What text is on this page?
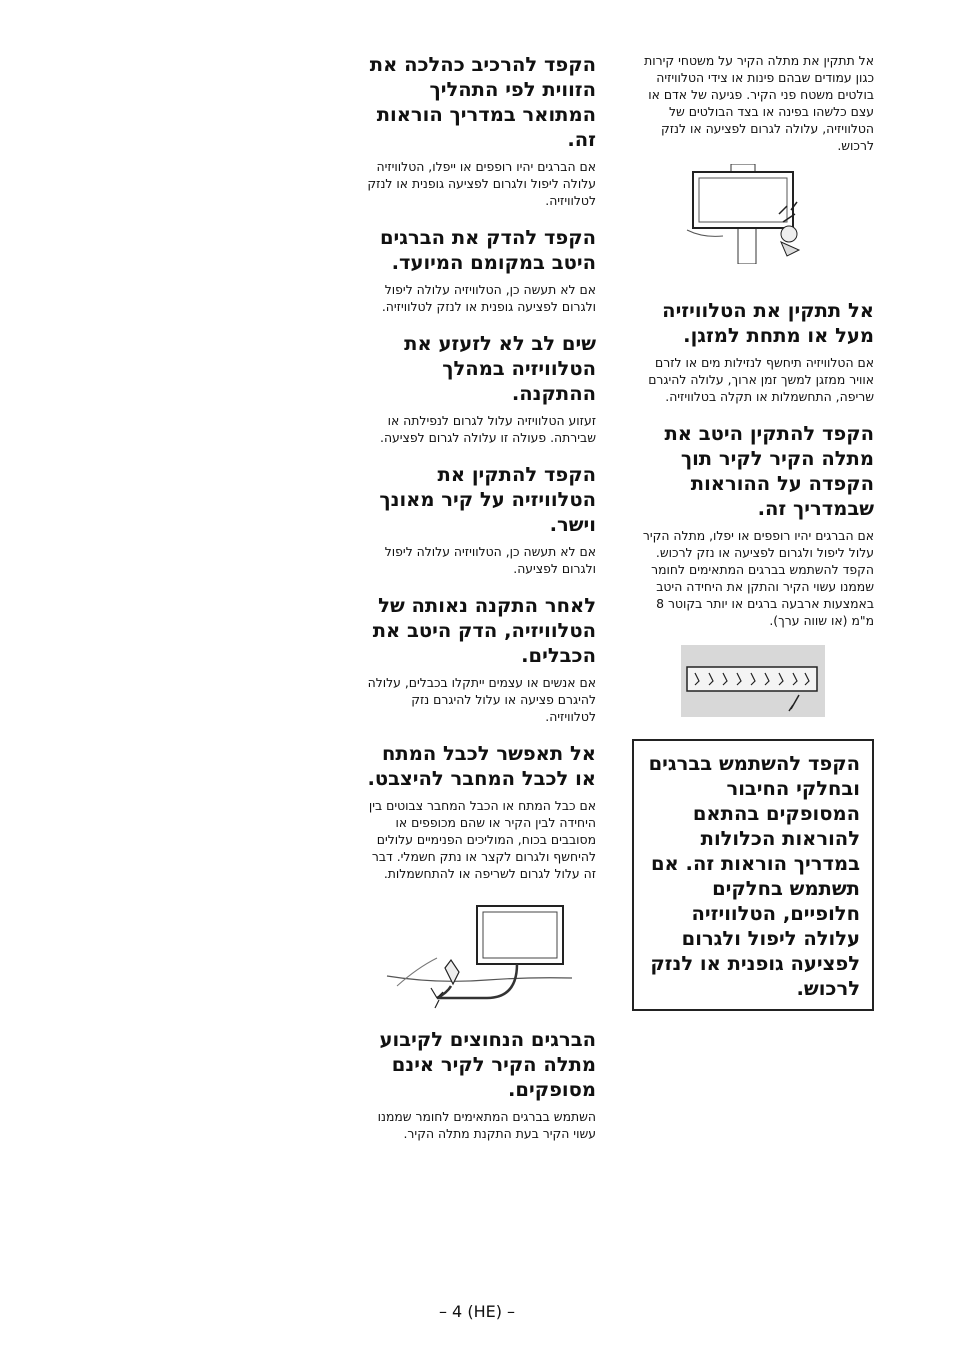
הקפד להרכיב כהלכה את הזווית לפי התהליך המתואר במדריך הוראות זה.

אם הברגים יהיו רופפים או ייפלו, הטלוויזיה עלולה ליפול ולגרום לפציעה גופנית או לנזק לטלוויזיה.

הקפד להדק את הברגים היטב במקומם המיועד.

אם לא תעשה כן, הטלוויזיה עלולה ליפול ולגרום לפציעה גופנית או לנזק לטלוויזיה.

שים לב לא לזעזע את הטלוויזיה במהלך ההתקנה.

זעזוע הטלוויזיה עלול לגרום לנפילתה או שבירתה. פעולה זו עלולה לגרום לפציעה.

הקפד להתקין את הטלוויזיה על קיר מאונך וישר.

אם לא תעשה כן, הטלוויזיה עלולה ליפול ולגרום לפציעה.

לאחר התקנה נאותה של הטלוויזיה, הדק היטב את הכבלים.

אם אנשים או עצמים ייתקלו בכבלים, עלולה להיגרם פציעה או עלול להיגרם נזק לטלוויזיה.

אל תאפשר לכבל המתח או לכבל המחבר להיצבט.

אם כבל המתח או הכבל המחבר צבוטים בין היחידה לבין הקיר או שהם מכופפים או מסובבים בכוח, המוליכים הפנימיים עלולים להיחשף ולגרום לקצר או נתק חשמלי. דבר זה עלול לגרום לשריפה או להתחשמלות.

הברגים הנחוצים לקיבוע מתלה הקיר לקיר אינם מסופקים.

השתמש בברגים המתאימים לחומר שממנו עשוי הקיר בעת התקנת מתלה הקיר.

אל תתקין את מתלה הקיר על משטחי קירות כגון עמודים שבהם פינות או צידי הטלוויזיה בולטים משטח פני הקיר. פגיעה של אדם או עצם כלשהו בפינה או בצד הבולטים של הטלוויזיה, עלולה לגרום לפציעה או לנזק לרכוש.

אל תתקין את הטלוויזיה מעל או מתחת למזגן.

אם הטלוויזיה תיחשף לנזילות מים או לזרם אוויר ממזגן למשך זמן ארוך, עלולה להיגרם שריפה, התחשמלות או תקלה בטלוויזיה.

הקפד להתקין היטב את מתלה הקיר לקיר תוך הקפדה על ההוראות שבמדריך זה.

אם הברגים יהיו רופפים או יפלו, מתלה הקיר עלול ליפול ולגרום לפציעה או נזק לרכוש. הקפד להשתמש בברגים המתאימים לחומר שממנו עשוי הקיר והתקן את היחידה היטב באמצעות ארבעה ברגים או יותר בקוטר 8 מ"מ (או שווה ערך).

הקפד להשתמש בברגים ובחלקי החיבור המסופקים בהתאם להוראות הכלולות במדריך הוראות זה. אם תשתמש בחלקים חלופיים, הטלוויזיה עלולה ליפול ולגרום לפציעה גופנית או לנזק לרכוש.
– 4 (HE) –
